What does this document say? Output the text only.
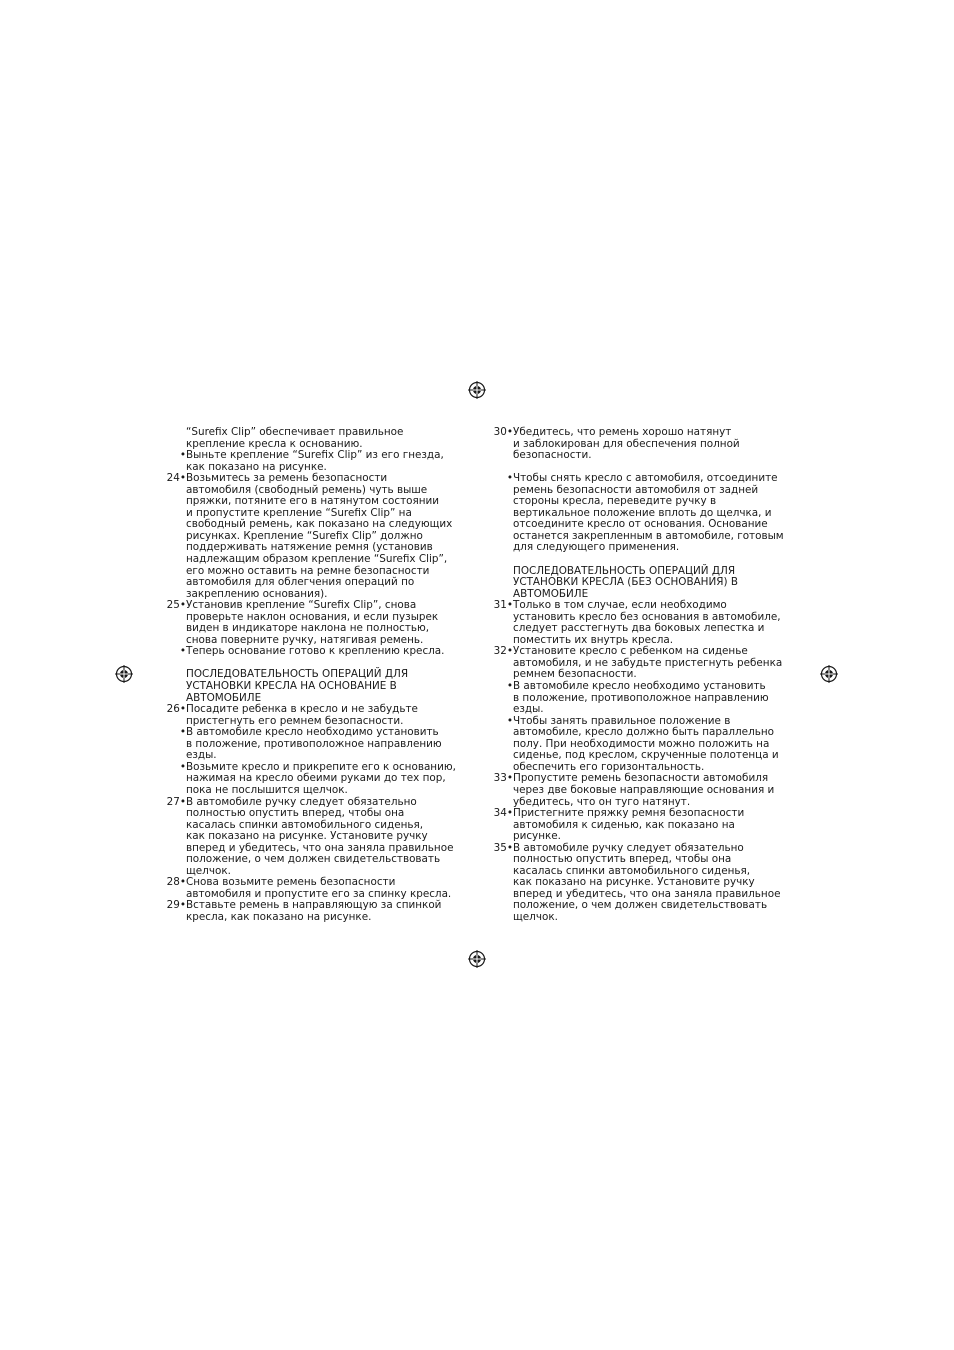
“Surefix Clip” обеспечивает правильное
крепление кресла к основанию.

• Выньте крепление “Surefix Clip” из его гнезда,
как показано на рисунке.
24• Возьмитесь за ремень безопасности
автомобиля (свободный ремень) чуть выше
пряжки, потяните его в натянутом состоянии
и пропустите крепление “Surefix Clip” на
свободный ремень, как показано на следующих
рисунках. Крепление “Surefix Clip” должно
поддерживать натяжение ремня (установив
надлежащим образом крепление “Surefix Clip”,
его можно оставить на ремне безопасности
автомобиля для облегчения операций по
закреплению основания).
25• Установив крепление “Surefix Clip”, снова
проверьте наклон основания, и если пузырек
виден в индикаторе наклона не полностью,
снова поверните ручку, натягивая ремень.
• Теперь основание готово к креплению кресла.
ПОСЛЕДОВАТЕЛЬНОСТЬ ОПЕРАЦИЙ ДЛЯ
УСТАНОВКИ КРЕСЛА НА ОСНОВАНИЕ В
АВТОМОБИЛЕ
26• Посадите ребенка в кресло и не забудьте
пристегнуть его ремнем безопасности.
• В автомобиле кресло необходимо установить
в положение, противоположное направлению
езды.
• Возьмите кресло и прикрепите его к основанию,
нажимая на кресло обеими руками до тех пор,
пока не послышится щелчок.
27• В автомобиле ручку следует обязательно
полностью опустить вперед, чтобы она
касалась спинки автомобильного сиденья,
как показано на рисунке. Установите ручку
вперед и убедитесь, что она заняла правильное
положение, о чем должен свидетельствовать
щелчок.
28• Снова возьмите ремень безопасности
автомобиля и пропустите его за спинку кресла.
29• Вставьте ремень в направляющую за спинкой
кресла, как показано на рисунке.
30• Убедитесь, что ремень хорошо натянут
и заблокирован для обеспечения полной
безопасности.
• Чтобы снять кресло с автомобиля, отсоедините
ремень безопасности автомобиля от задней
стороны кресла, переведите ручку в
вертикальное положение вплоть до щелчка, и
отсоедините кресло от основания. Основание
останется закрепленным в автомобиле, готовым
для следующего применения.
ПОСЛЕДОВАТЕЛЬНОСТЬ ОПЕРАЦИЙ ДЛЯ
УСТАНОВКИ КРЕСЛА (БЕЗ ОСНОВАНИЯ) В
АВТОМОБИЛЕ
31• Только в том случае, если необходимо
установить кресло без основания в автомобиле,
следует расстегнуть два боковых лепестка и
поместить их внутрь кресла.
32• Установите кресло с ребенком на сиденье
автомобиля, и не забудьте пристегнуть ребенка
ремнем безопасности.
• В автомобиле кресло необходимо установить
в положение, противоположное направлению
езды.
• Чтобы занять правильное положение в
автомобиле, кресло должно быть параллельно
полу. При необходимости можно положить на
сиденье, под креслом, скрученные полотенца и
обеспечить его горизонтальность.
33• Пропустите ремень безопасности автомобиля
через две боковые направляющие основания и
убедитесь, что он туго натянут.
34• Пристегните пряжку ремня безопасности
автомобиля к сиденью, как показано на
рисунке.
35• В автомобиле ручку следует обязательно
полностью опустить вперед, чтобы она
касалась спинки автомобильного сиденья,
как показано на рисунке. Установите ручку
вперед и убедитесь, что она заняла правильное
положение, о чем должен свидетельствовать
щелчок.
